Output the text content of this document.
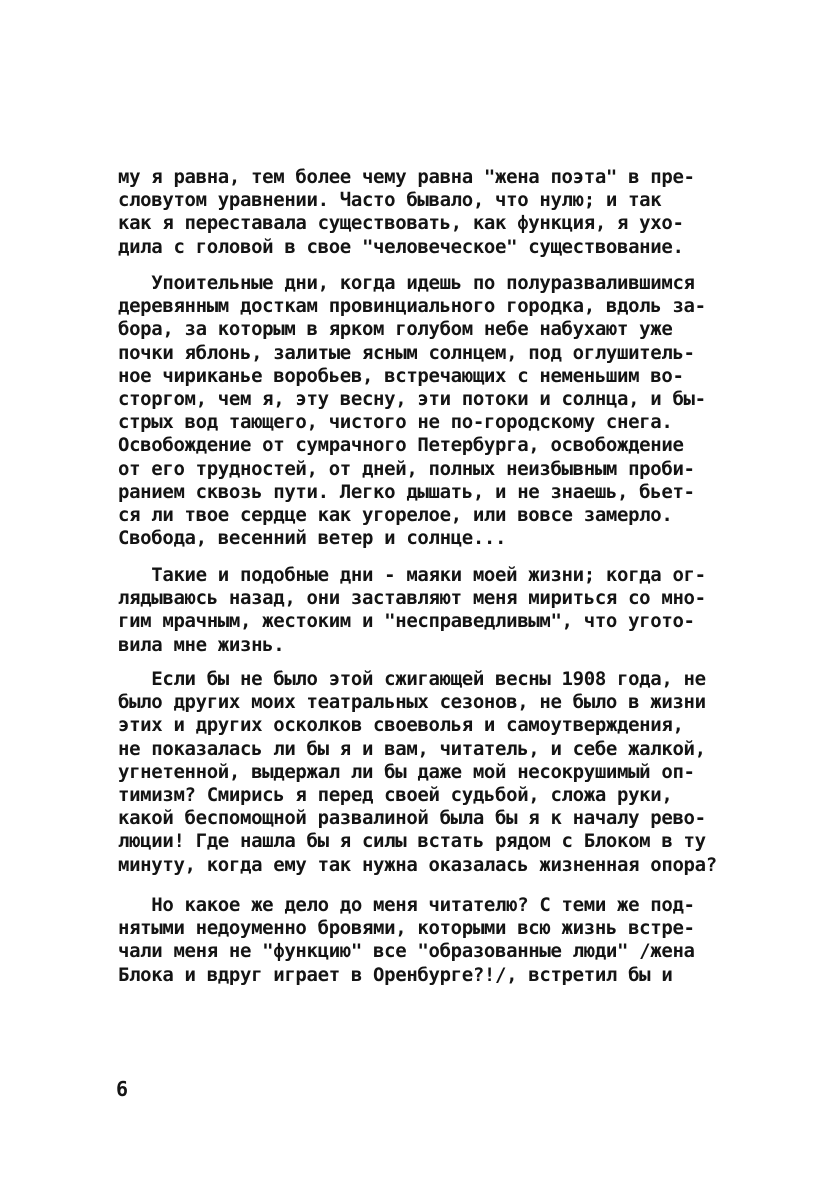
му я равна, тем более чему равна "жена поэта" в пре-
словутом уравнении. Часто бывало, что нулю; и так
как я переставала существовать, как функция, я ухо-
дила с головой в свое "человеческое" существование.
Упоительные дни, когда идешь по полуразвалившимся
деревянным досткам провинциального городка, вдоль за-
бора, за которым в ярком голубом небе набухают уже
почки яблонь, залитые ясным солнцем, под оглушитель-
ное чириканье воробьев, встречающих с неменьшим во-
сторгом, чем я, эту весну, эти потоки и солнца, и бы-
стрых вод тающего, чистого не по-городскому снега.
Освобождение от сумрачного Петербурга, освобождение
от его трудностей, от дней, полных неизбывным проби-
ранием сквозь пути. Легко дышать, и не знаешь, бьет-
ся ли твое сердце как угорелое, или вовсе замерло.
Свобода, весенний ветер и солнце...
Такие и подобные дни - маяки моей жизни; когда ог-
лядываюсь назад, они заставляют меня мириться со мно-
гим мрачным, жестоким и "несправедливым", что угото-
вила мне жизнь.
Если бы не было этой сжигающей весны 1908 года, не
было других моих театральных сезонов, не было в жизни
этих и других осколков своеволья и самоутверждения,
не показалась ли бы я и вам, читатель, и себе жалкой,
угнетенной, выдержал ли бы даже мой несокрушимый оп-
тимизм? Смирись я перед своей судьбой, сложа руки,
какой беспомощной развалиной была бы я к началу рево-
люции! Где нашла бы я силы встать рядом с Блоком в ту
минуту, когда ему так нужна оказалась жизненная опора?
Но какое же дело до меня читателю? С теми же под-
нятыми недоуменно бровями, которыми всю жизнь встре-
чали меня не "функцию" все "образованные люди" /жена
Блока и вдруг играет в Оренбурге?!/, встретил бы и
6
